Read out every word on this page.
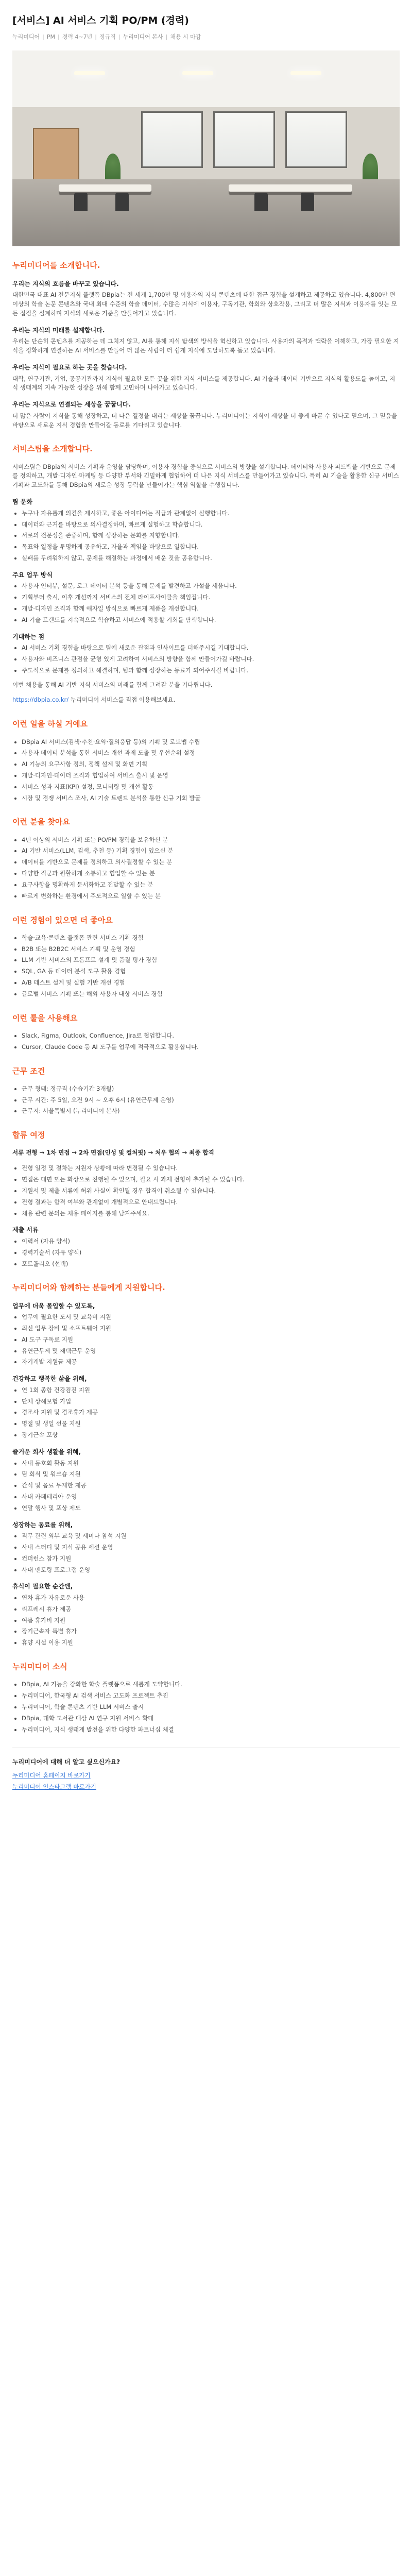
[서비스] AI 서비스 기획 PO/PM (경력)
누리미디어 | PM | 경력 4~7년 | 정규직 | 누리미디어 본사 | 채용 시 마감
누리미디어를 소개합니다.
우리는 지식의 흐름을 바꾸고 있습니다.

대한민국 대표 AI 전문지식 플랫폼 DBpia는 전 세계 1,700만 명 이용자의 지식 콘텐츠에 대한 접근 경험을 설계하고 제공하고 있습니다. 4,800만 편 이상의 학술 논문 콘텐츠와 국내 최대 수준의 학술 데이터, 수많은 지식에 이용자, 구독기관, 학회와 상호작용, 그리고 더 많은 지식과 이용자를 잇는 모든 접점을 설계하며 지식의 새로운 기준을 만들어가고 있습니다.

우리는 지식의 미래를 설계합니다.

우리는 단순히 콘텐츠를 제공하는 데 그치지 않고, AI를 통해 지식 탐색의 방식을 혁신하고 있습니다. 사용자의 목적과 맥락을 이해하고, 가장 필요한 지식을 정확하게 연결하는 AI 서비스를 만들어 더 많은 사람이 더 쉽게 지식에 도달하도록 돕고 있습니다.

우리는 지식이 필요로 하는 곳을 찾습니다.

대학, 연구기관, 기업, 공공기관까지 지식이 필요한 모든 곳을 위한 지식 서비스를 제공합니다. AI 기술과 데이터 기반으로 지식의 활용도를 높이고, 지식 생태계의 지속 가능한 성장을 위해 함께 고민하며 나아가고 있습니다.

우리는 지식으로 연결되는 세상을 꿈꿉니다.

더 많은 사람이 지식을 통해 성장하고, 더 나은 결정을 내리는 세상을 꿈꿉니다. 누리미디어는 지식이 세상을 더 좋게 바꿀 수 있다고 믿으며, 그 믿음을 바탕으로 새로운 지식 경험을 만들어갈 동료를 기다리고 있습니다.

서비스팀을 소개합니다.

서비스팀은 DBpia의 서비스 기획과 운영을 담당하며, 이용자 경험을 중심으로 서비스의 방향을 설계합니다. 데이터와 사용자 피드백을 기반으로 문제를 정의하고, 개발·디자인·마케팅 등 다양한 부서와 긴밀하게 협업하여 더 나은 지식 서비스를 만들어가고 있습니다. 특히 AI 기술을 활용한 신규 서비스 기획과 고도화를 통해 DBpia의 새로운 성장 동력을 만들어가는 핵심 역할을 수행합니다.

팀 문화
• 누구나 자유롭게 의견을 제시하고, 좋은 아이디어는 직급과 관계없이 실행합니다.
• 데이터와 근거를 바탕으로 의사결정하며, 빠르게 실험하고 학습합니다.
• 서로의 전문성을 존중하며, 함께 성장하는 문화를 지향합니다.
• 목표와 일정을 투명하게 공유하고, 자율과 책임을 바탕으로 일합니다.
• 실패를 두려워하지 않고, 문제를 해결하는 과정에서 배운 것을 공유합니다.
주요 업무 방식
• 사용자 인터뷰, 설문, 로그 데이터 분석 등을 통해 문제를 발견하고 가설을 세웁니다.
• 기획부터 출시, 이후 개선까지 서비스의 전체 라이프사이클을 책임집니다.
• 개발·디자인 조직과 함께 애자일 방식으로 빠르게 제품을 개선합니다.
• AI 기술 트렌드를 지속적으로 학습하고 서비스에 적용할 기회를 탐색합니다.
기대하는 점
• AI 서비스 기획 경험을 바탕으로 팀에 새로운 관점과 인사이트를 더해주시길 기대합니다.
• 사용자와 비즈니스 관점을 균형 있게 고려하여 서비스의 방향을 함께 만들어가길 바랍니다.
• 주도적으로 문제를 정의하고 해결하며, 팀과 함께 성장하는 동료가 되어주시길 바랍니다.

이번 채용을 통해 AI 기반 지식 서비스의 미래를 함께 그려갈 분을 기다립니다.

https://dbpia.co.kr/ 누리미디어 서비스를 직접 이용해보세요.

이런 일을 하실 거예요
• DBpia AI 서비스(검색·추천·요약·질의응답 등)의 기획 및 로드맵 수립
• 사용자 데이터 분석을 통한 서비스 개선 과제 도출 및 우선순위 설정
• AI 기능의 요구사항 정의, 정책 설계 및 화면 기획
• 개발·디자인·데이터 조직과 협업하여 서비스 출시 및 운영
• 서비스 성과 지표(KPI) 설정, 모니터링 및 개선 활동
• 시장 및 경쟁 서비스 조사, AI 기술 트렌드 분석을 통한 신규 기회 발굴
이런 분을 찾아요
• 4년 이상의 서비스 기획 또는 PO/PM 경력을 보유하신 분
• AI 기반 서비스(LLM, 검색, 추천 등) 기획 경험이 있으신 분
• 데이터를 기반으로 문제를 정의하고 의사결정할 수 있는 분
• 다양한 직군과 원활하게 소통하고 협업할 수 있는 분
• 요구사항을 명확하게 문서화하고 전달할 수 있는 분
• 빠르게 변화하는 환경에서 주도적으로 일할 수 있는 분
이런 경험이 있으면 더 좋아요
• 학술·교육·콘텐츠 플랫폼 관련 서비스 기획 경험
• B2B 또는 B2B2C 서비스 기획 및 운영 경험
• LLM 기반 서비스의 프롬프트 설계 및 품질 평가 경험
• SQL, GA 등 데이터 분석 도구 활용 경험
• A/B 테스트 설계 및 실험 기반 개선 경험
• 글로벌 서비스 기획 또는 해외 사용자 대상 서비스 경험
이런 툴을 사용해요
• Slack, Figma, Outlook, Confluence, Jira로 협업합니다.
• Cursor, Claude Code 등 AI 도구를 업무에 적극적으로 활용합니다.
근무 조건
• 근무 형태: 정규직 (수습기간 3개월)
• 근무 시간: 주 5일, 오전 9시 ~ 오후 6시 (유연근무제 운영)
• 근무지: 서울특별시 (누리미디어 본사)
합류 여정

서류 전형 → 1차 면접 → 2차 면접(인성 및 컬처핏) → 처우 협의 → 최종 합격

• 전형 일정 및 절차는 지원자 상황에 따라 변경될 수 있습니다.
• 면접은 대면 또는 화상으로 진행될 수 있으며, 필요 시 과제 전형이 추가될 수 있습니다.
• 지원서 및 제출 서류에 허위 사실이 확인될 경우 합격이 취소될 수 있습니다.
• 전형 결과는 합격 여부와 관계없이 개별적으로 안내드립니다.
• 채용 관련 문의는 채용 페이지를 통해 남겨주세요.
제출 서류
• 이력서 (자유 양식)
• 경력기술서 (자유 양식)
• 포트폴리오 (선택)
누리미디어와 함께하는 분들에게 지원합니다.
업무에 더욱 몰입할 수 있도록,
• 업무에 필요한 도서 및 교육비 지원
• 최신 업무 장비 및 소프트웨어 지원
• AI 도구 구독료 지원
• 유연근무제 및 재택근무 운영
• 자기계발 지원금 제공
건강하고 행복한 삶을 위해,
• 연 1회 종합 건강검진 지원
• 단체 상해보험 가입
• 경조사 지원 및 경조휴가 제공
• 명절 및 생일 선물 지원
• 장기근속 포상
즐거운 회사 생활을 위해,
• 사내 동호회 활동 지원
• 팀 회식 및 워크숍 지원
• 간식 및 음료 무제한 제공
• 사내 카페테리아 운영
• 연말 행사 및 포상 제도
성장하는 동료를 위해,
• 직무 관련 외부 교육 및 세미나 참석 지원
• 사내 스터디 및 지식 공유 세션 운영
• 컨퍼런스 참가 지원
• 사내 멘토링 프로그램 운영
휴식이 필요한 순간엔,
• 연차 휴가 자유로운 사용
• 리프레시 휴가 제공
• 여름 휴가비 지원
• 장기근속자 특별 휴가
• 휴양 시설 이용 지원
누리미디어 소식
• DBpia, AI 기능을 강화한 학술 플랫폼으로 새롭게 도약합니다.
• 누리미디어, 한국형 AI 검색 서비스 고도화 프로젝트 추진
• 누리미디어, 학술 콘텐츠 기반 LLM 서비스 출시
• DBpia, 대학 도서관 대상 AI 연구 지원 서비스 확대
• 누리미디어, 지식 생태계 발전을 위한 다양한 파트너십 체결
누리미디어에 대해 더 알고 싶으신가요?
누리미디어 홈페이지 바로가기
누리미디어 인스타그램 바로가기
